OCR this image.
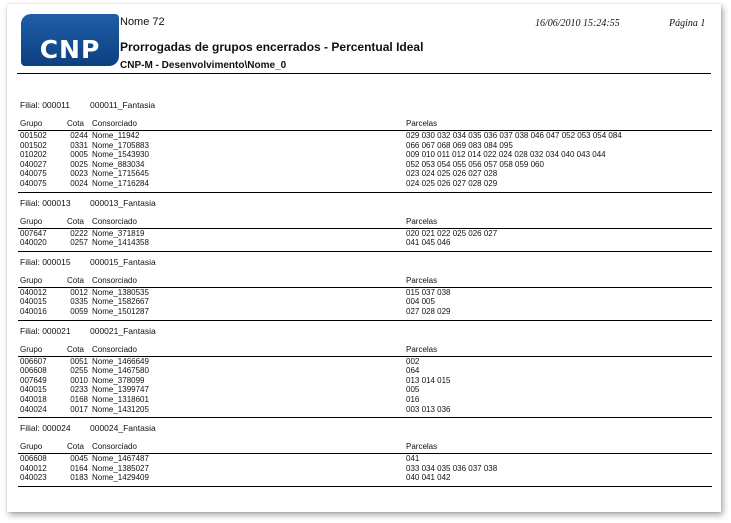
CNP
Nome 72	16/06/2010 15:24:55	Página 1
Prorrogadas de grupos encerrados - Percentual Ideal
CNP-M - Desenvolvimento\Nome_0
Filial: 000011 000011_Fantasia
Grupo	Cota Consorciado	Parcelas
001502	0244 Nome_11942	029 030 032 034 035 036 037 038 046 047 052 053 054 084
001502	0331 Nome_1705883	066 067 068 069 083 084 095
010202	0005 Nome_1543930	009 010 011 012 014 022 024 028 032 034 040 043 044
040027	0025 Nome_883034	052 053 054 055 056 057 058 059 060
040075	0023 Nome_1715645	023 024 025 026 027 028
040075	0024 Nome_1716284	024 025 026 027 028 029
Filial: 000013 000013_Fantasia
Grupo	Cota Consorciado	Parcelas
007647	0222 Nome_371819	020 021 022 025 026 027
040020	0257 Nome_1414358	041 045 046
Filial: 000015 000015_Fantasia
Grupo	Cota Consorciado	Parcelas
040012	0012 Nome_1380535	015 037 038
040015	0335 Nome_1582667	004 005
040016	0059 Nome_1501287	027 028 029
Filial: 000021 000021_Fantasia
Grupo	Cota Consorciado	Parcelas
006607	0051 Nome_1466649	002
006608	0255 Nome_1467580	064
007649	0010 Nome_378099	013 014 015
040015	0233 Nome_1399747	005
040018	0168 Nome_1318601	016
040024	0017 Nome_1431205	003 013 036
Filial: 000024 000024_Fantasia
Grupo	Cota Consorciado	Parcelas
006608	0045 Nome_1467487	041
040012	0164 Nome_1385027	033 034 035 036 037 038
040023	0183 Nome_1429409	040 041 042
